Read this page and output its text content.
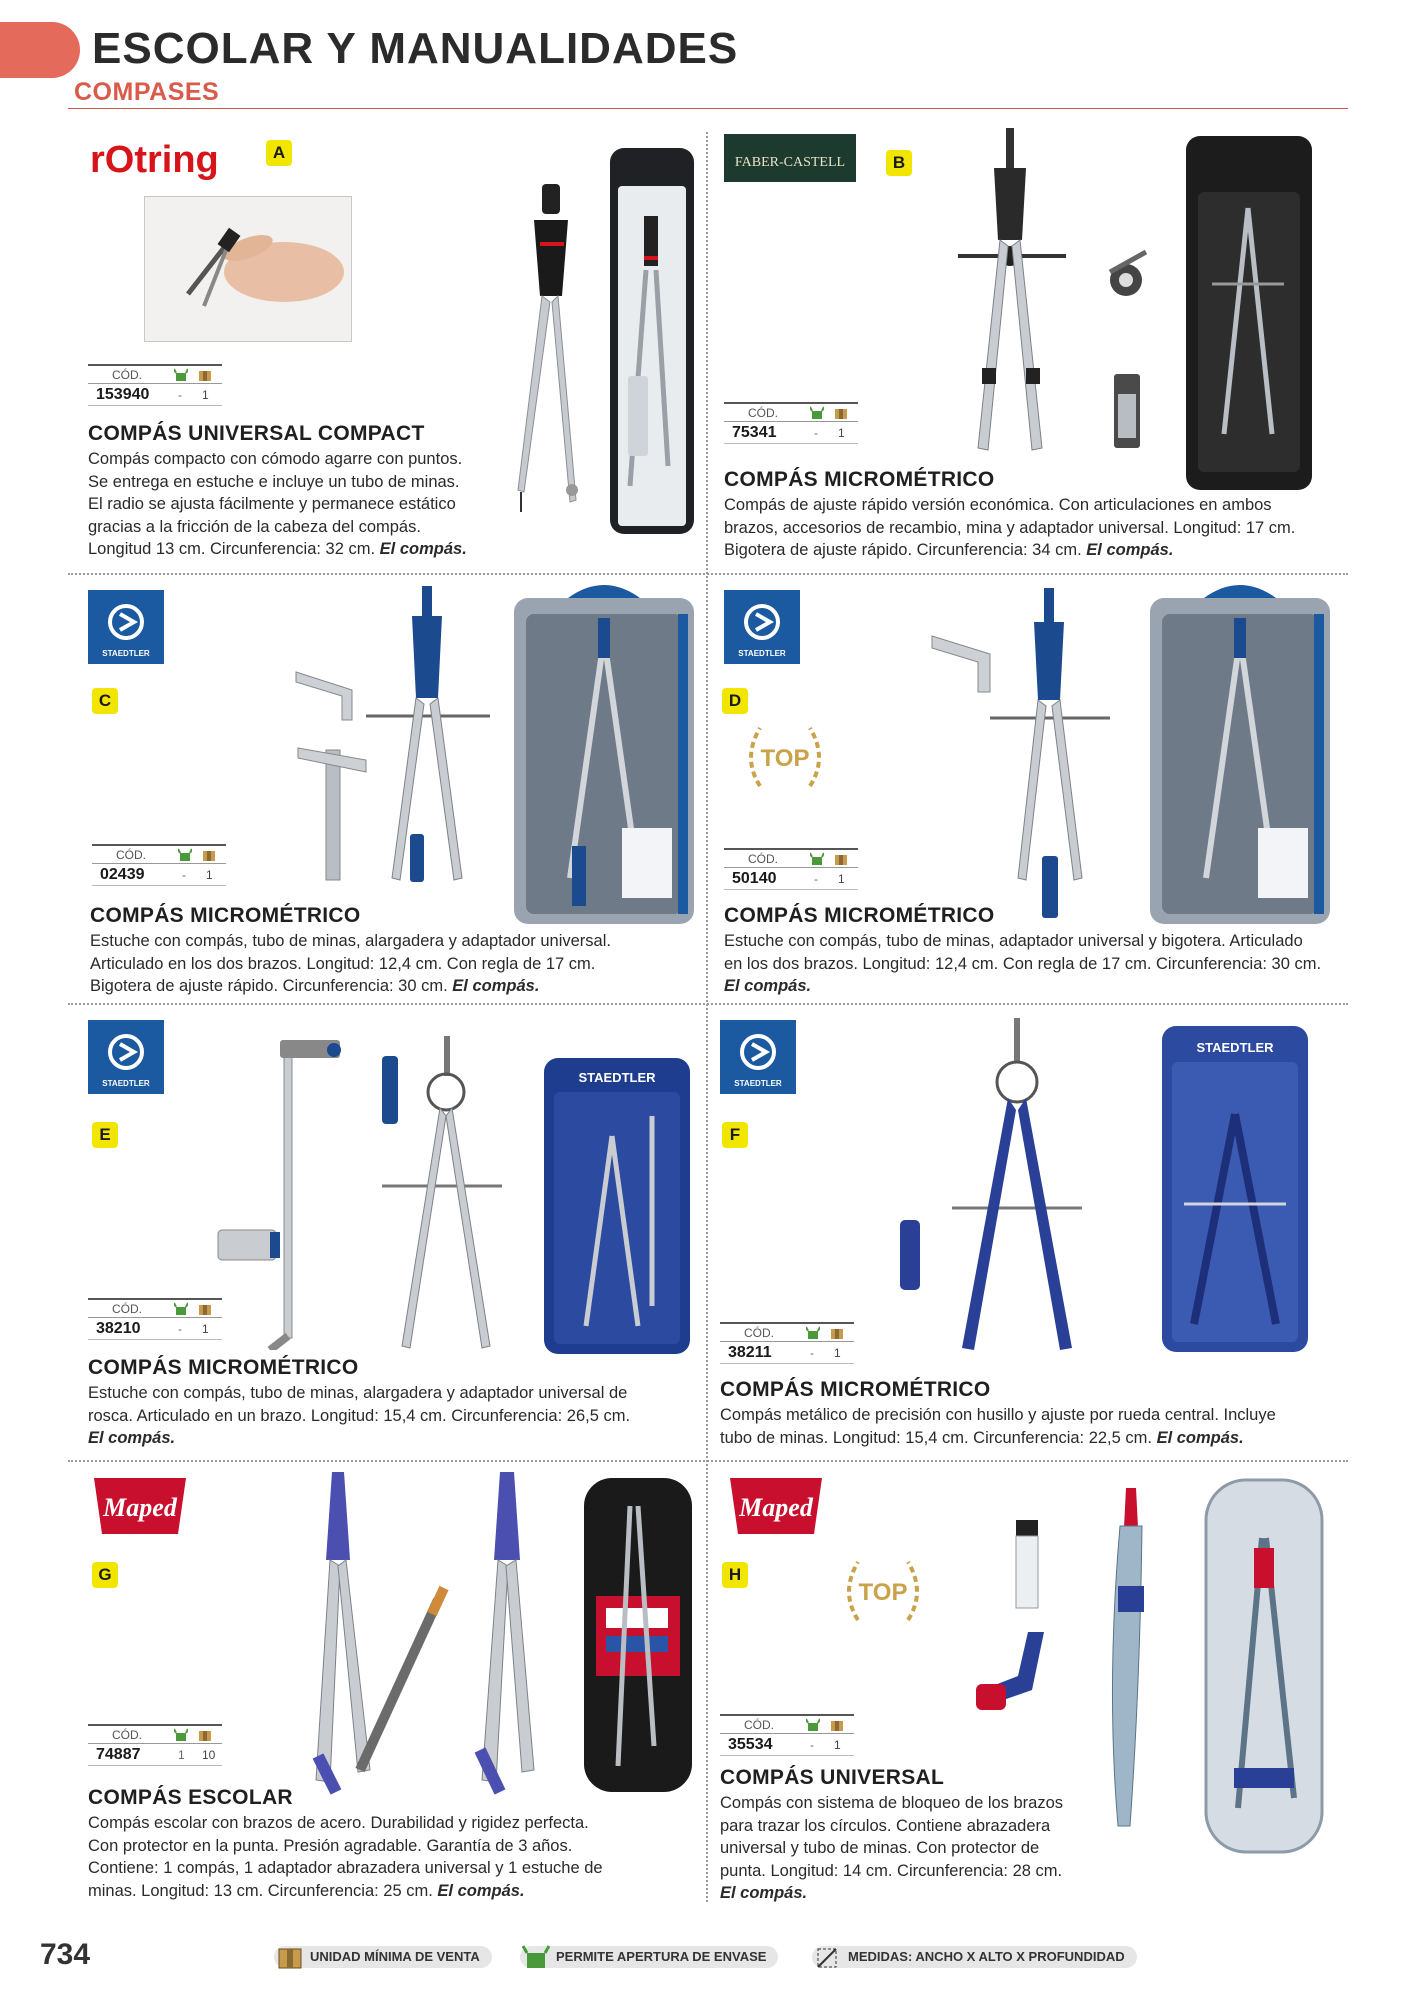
ESCOLAR Y MANUALIDADES
COMPASES
rOtring	A
CÓD.
153940 - 1
COMPÁS UNIVERSAL COMPACT
Compás compacto con cómodo agarre con puntos.
Se entrega en estuche e incluye un tubo de minas.
El radio se ajusta fácilmente y permanece estático
gracias a la fricción de la cabeza del compás.
Longitud 13 cm. Circunferencia: 32 cm. El compás.
FABER-CASTELL	B
CÓD.
75341	- 1
COMPÁS MICROMÉTRICO
Compás de ajuste rápido versión económica. Con articulaciones en ambos
brazos, accesorios de recambio, mina y adaptador universal. Longitud: 17 cm.
Bigotera de ajuste rápido. Circunferencia: 34 cm. El compás.
STAEDTLER
C
CÓD.
02439	- 1
COMPÁS MICROMÉTRICO
Estuche con compás, tubo de minas, alargadera y adaptador universal.
Articulado en los dos brazos. Longitud: 12,4 cm. Con regla de 17 cm.
Bigotera de ajuste rápido. Circunferencia: 30 cm. El compás.
STAEDTLER
D
TOP
CÓD.
50140	- 1
COMPÁS MICROMÉTRICO
Estuche con compás, tubo de minas, adaptador universal y bigotera. Articulado
en los dos brazos. Longitud: 12,4 cm. Con regla de 17 cm. Circunferencia: 30 cm.
El compás.
STAEDTLER
E
STAEDTLER
CÓD.
38210	- 1
COMPÁS MICROMÉTRICO
Estuche con compás, tubo de minas, alargadera y adaptador universal de
rosca. Articulado en un brazo. Longitud: 15,4 cm. Circunferencia: 26,5 cm.
El compás.
STAEDTLER
F
STAEDTLER
CÓD.
38211	- 1
COMPÁS MICROMÉTRICO
Compás metálico de precisión con husillo y ajuste por rueda central. Incluye
tubo de minas. Longitud: 15,4 cm. Circunferencia: 22,5 cm. El compás.
Maped
G
CÓD.
74887	1 10
COMPÁS ESCOLAR
Compás escolar con brazos de acero. Durabilidad y rigidez perfecta.
Con protector en la punta. Presión agradable. Garantía de 3 años.
Contiene: 1 compás, 1 adaptador abrazadera universal y 1 estuche de
minas. Longitud: 13 cm. Circunferencia: 25 cm. El compás.
Maped
H
TOP
CÓD.
35534	- 1
COMPÁS UNIVERSAL
Compás con sistema de bloqueo de los brazos
para trazar los círculos. Contiene abrazadera
universal y tubo de minas. Con protector de
punta. Longitud: 14 cm. Circunferencia: 28 cm.
El compás.
734	UNIDAD MÍNIMA DE VENTA	PERMITE APERTURA DE ENVASE	MEDIDAS: ANCHO X ALTO X PROFUNDIDAD
